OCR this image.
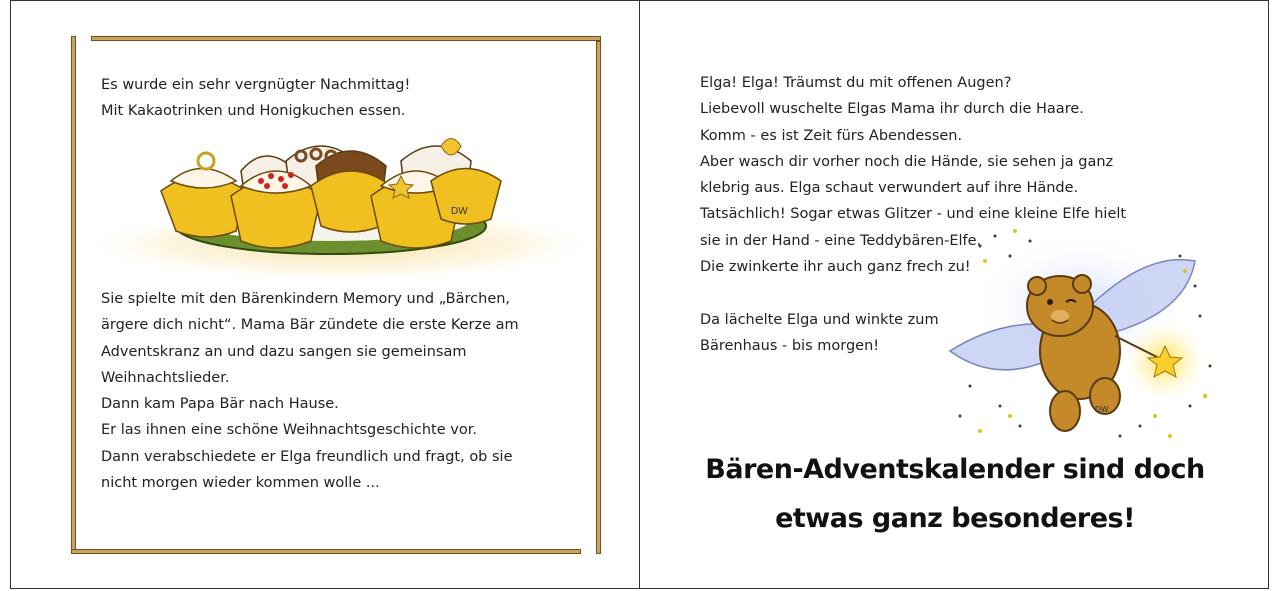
Es wurde ein sehr vergnügter Nachmittag!

Mit Kakaotrinken und Honigkuchen essen.

DW

Sie spielte mit den Bärenkindern Memory und „Bärchen,

ärgere dich nicht“. Mama Bär zündete die erste Kerze am

Adventskranz an und dazu sangen sie gemeinsam

Weihnachtslieder.

Dann kam Papa Bär nach Hause.

Er las ihnen eine schöne Weihnachtsgeschichte vor.

Dann verabschiedete er Elga freundlich und fragt, ob sie

nicht morgen wieder kommen wolle ...

DW

Elga! Elga! Träumst du mit offenen Augen?

Liebevoll wuschelte Elgas Mama ihr durch die Haare.

Komm - es ist Zeit fürs Abendessen.

Aber wasch dir vorher noch die Hände, sie sehen ja ganz

klebrig aus. Elga schaut verwundert auf ihre Hände.

Tatsächlich! Sogar etwas Glitzer - und eine kleine Elfe hielt

sie in der Hand - eine Teddybären-Elfe.

Die zwinkerte ihr auch ganz frech zu!

Da lächelte Elga und winkte zum

Bärenhaus - bis morgen!

Bären-Adventskalender sind doch
etwas ganz besonderes!
